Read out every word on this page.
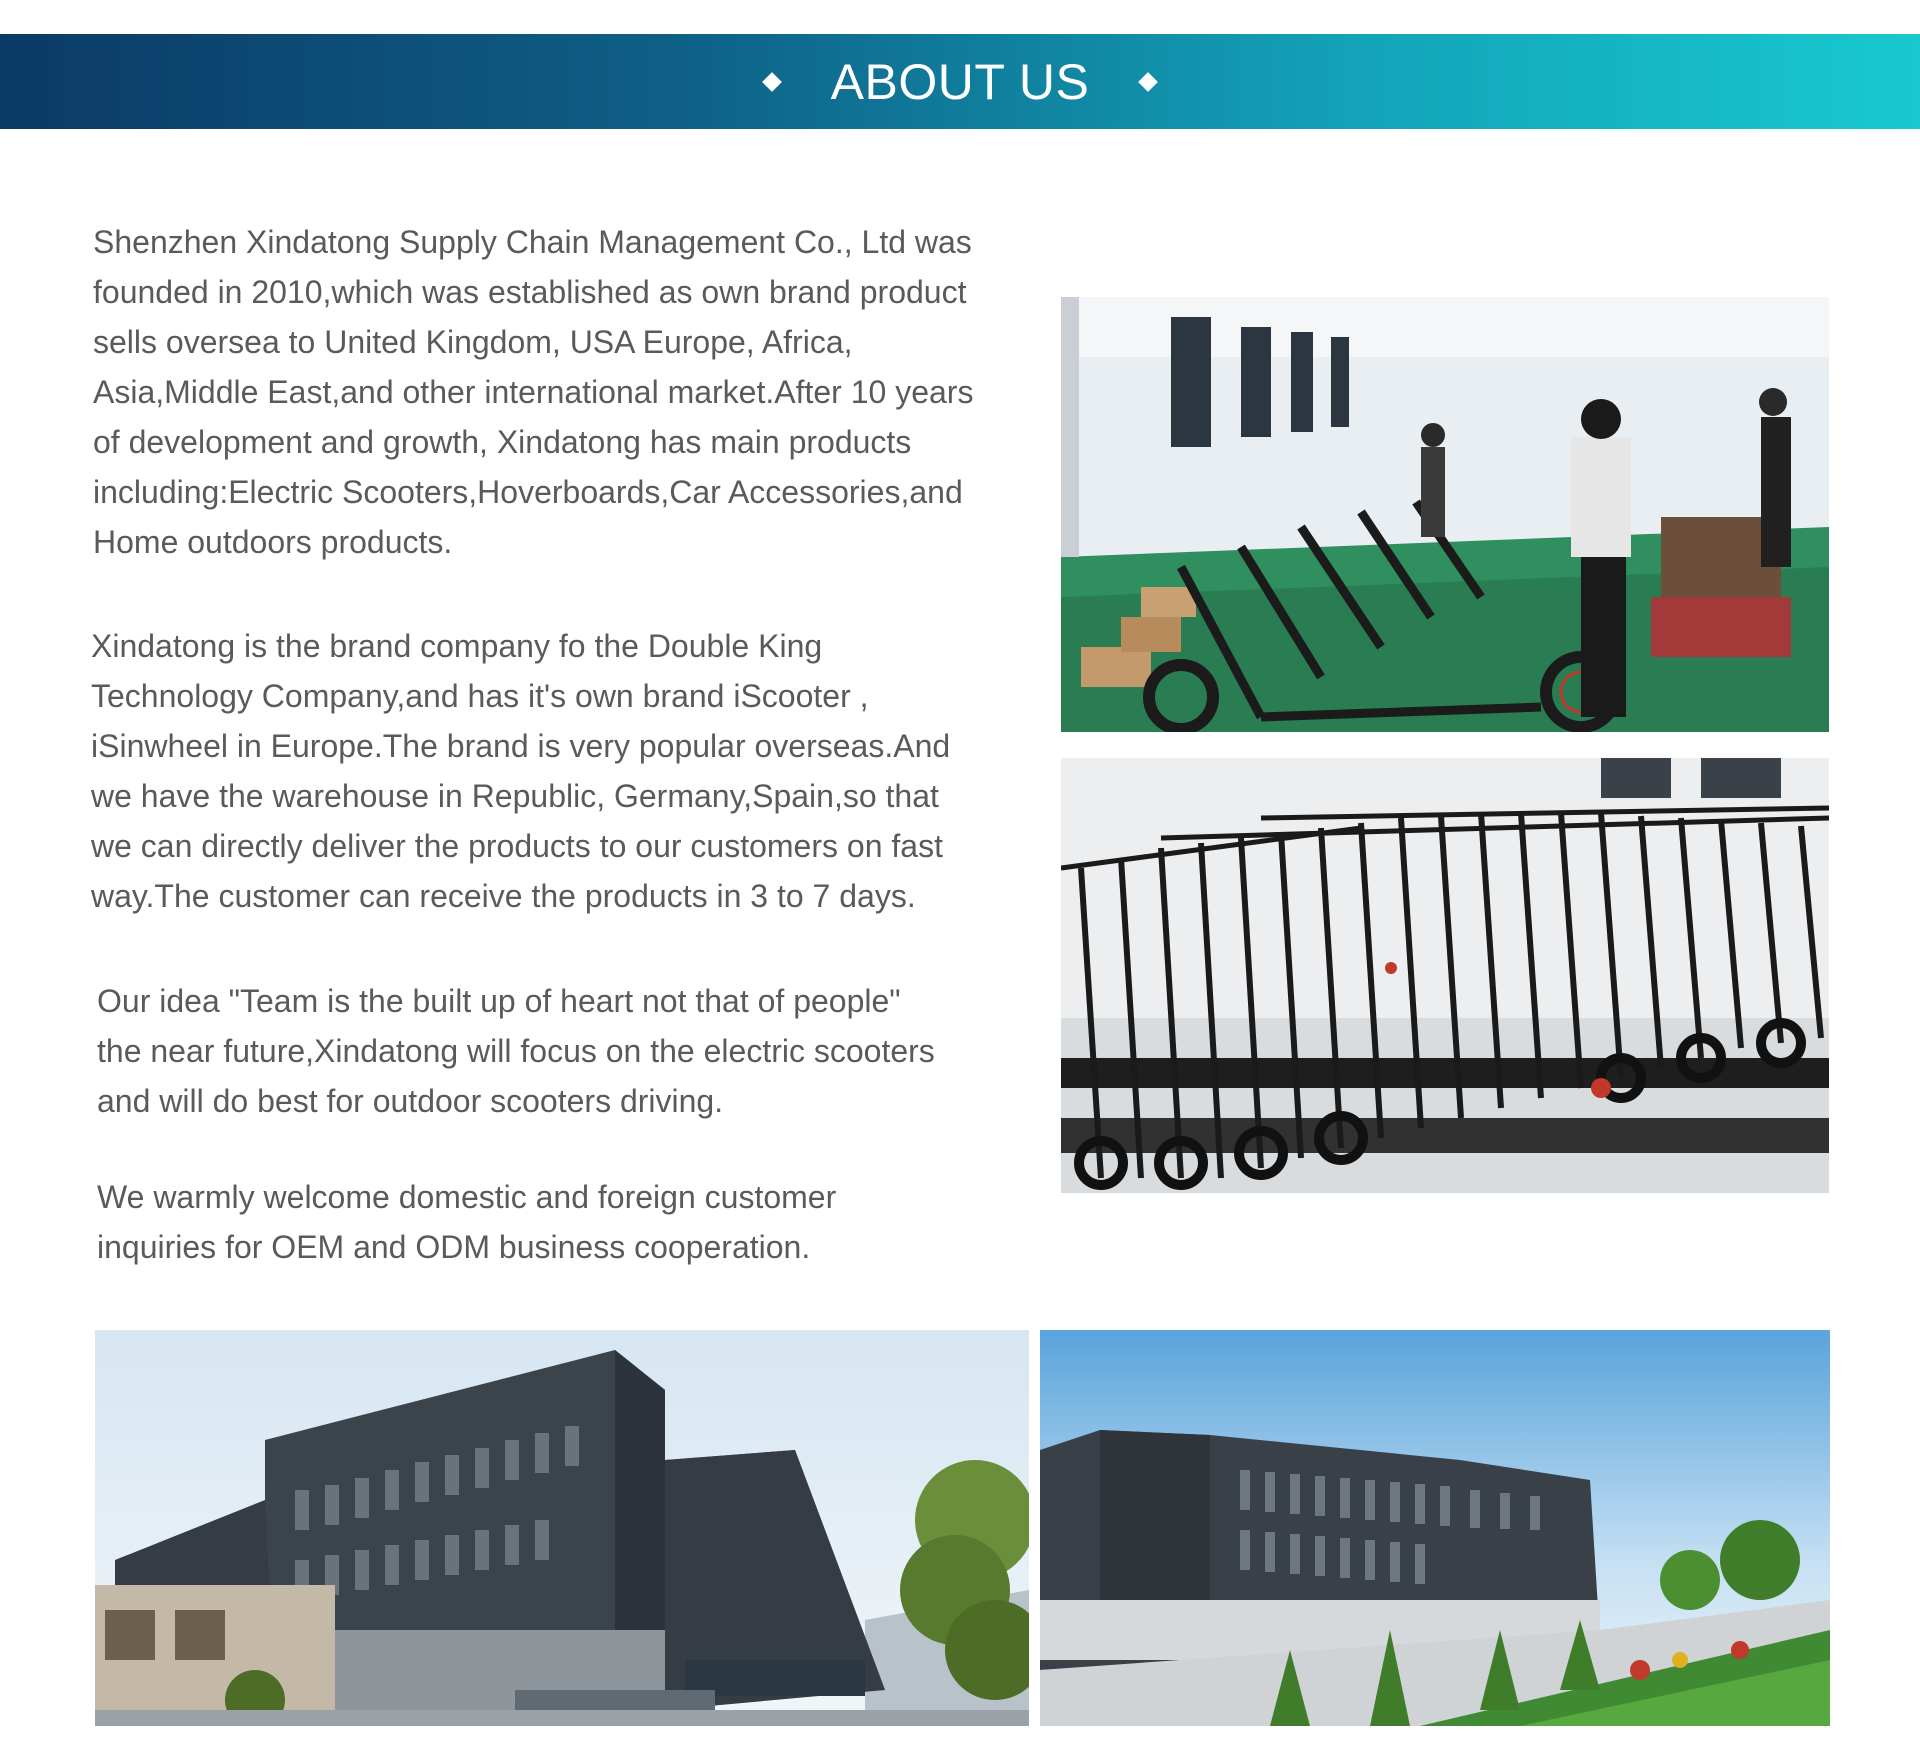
ABOUT US

Shenzhen Xindatong Supply Chain Management Co., Ltd was
founded in 2010,which was established as own brand product
sells oversea to United Kingdom, USA Europe, Africa,
Asia,Middle East,and other international market.After 10 years
of development and growth, Xindatong has main products
including:Electric Scooters,Hoverboards,Car Accessories,and
Home outdoors products.

Xindatong is the brand company fo the Double King
Technology Company,and has it's own brand iScooter ,
iSinwheel in Europe.The brand is very popular overseas.And
we have the warehouse in Republic, Germany,Spain,so that
we can directly deliver the products to our customers on fast
way.The customer can receive the products in 3 to 7 days.

Our idea "Team is the built up of heart not that of people"
the near future,Xindatong will focus on the electric scooters
and will do best for outdoor scooters driving.

We warmly welcome domestic and foreign customer
inquiries for OEM and ODM business cooperation.
